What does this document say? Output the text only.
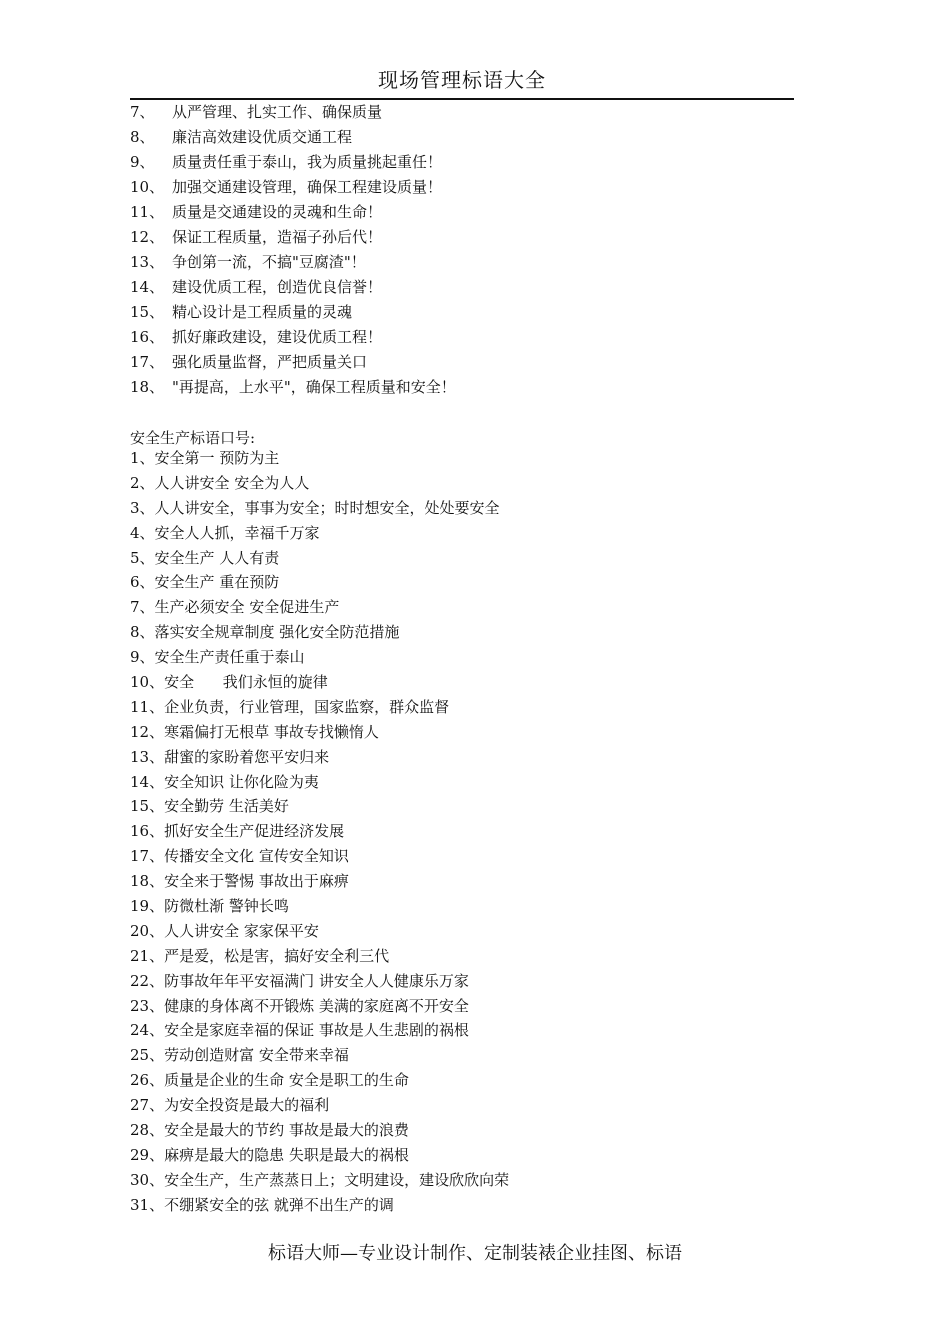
现场管理标语大全
7、 从严管理、扎实工作、确保质量
8、 廉洁高效建设优质交通工程
9、 质量责任重于泰山，我为质量挑起重任！
10、 加强交通建设管理，确保工程建设质量！
11、 质量是交通建设的灵魂和生命！
12、 保证工程质量，造福子孙后代！
13、 争创第一流，不搞"豆腐渣"！
14、 建设优质工程，创造优良信誉！
15、 精心设计是工程质量的灵魂
16、 抓好廉政建设，建设优质工程！
17、 强化质量监督，严把质量关口
18、 "再提高，上水平"，确保工程质量和安全！
安全生产标语口号:
1、安全第一 预防为主
2、人人讲安全 安全为人人
3、人人讲安全，事事为安全；时时想安全，处处要安全
4、安全人人抓，幸福千万家
5、安全生产 人人有责
6、安全生产 重在预防
7、生产必须安全 安全促进生产
8、落实安全规章制度 强化安全防范措施
9、安全生产责任重于泰山
10、安全      我们永恒的旋律
11、企业负责，行业管理，国家监察，群众监督
12、寒霜偏打无根草 事故专找懒惰人
13、甜蜜的家盼着您平安归来
14、安全知识 让你化险为夷
15、安全勤劳 生活美好
16、抓好安全生产促进经济发展
17、传播安全文化 宣传安全知识
18、安全来于警惕 事故出于麻痹
19、防微杜渐 警钟长鸣
20、人人讲安全 家家保平安
21、严是爱，松是害，搞好安全利三代
22、防事故年年平安福满门 讲安全人人健康乐万家
23、健康的身体离不开锻炼 美满的家庭离不开安全
24、安全是家庭幸福的保证 事故是人生悲剧的祸根
25、劳动创造财富 安全带来幸福
26、质量是企业的生命 安全是职工的生命
27、为安全投资是最大的福利
28、安全是最大的节约 事故是最大的浪费
29、麻痹是最大的隐患 失职是最大的祸根
30、安全生产，生产蒸蒸日上；文明建设，建设欣欣向荣
31、不绷紧安全的弦 就弹不出生产的调
标语大师—专业设计制作、定制装裱企业挂图、标语
